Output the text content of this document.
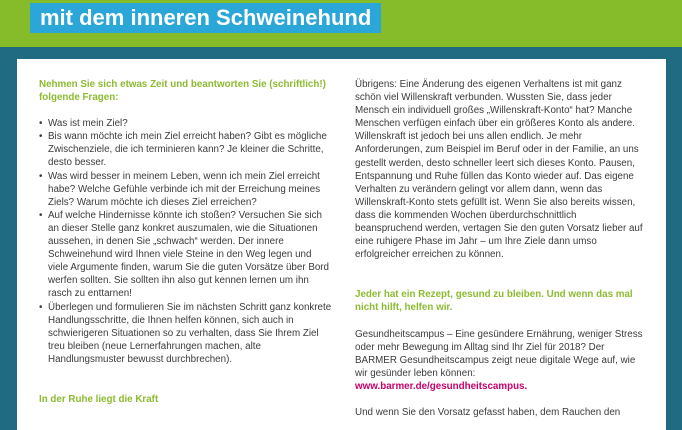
mit dem inneren Schweinehund

Nehmen Sie sich etwas Zeit und beantworten Sie (schriftlich!) folgende Fragen:

• Was ist mein Ziel?
• Bis wann möchte ich mein Ziel erreicht haben? Gibt es mögliche Zwischenziele, die ich terminieren kann? Je kleiner die Schritte, desto besser.
• Was wird besser in meinem Leben, wenn ich mein Ziel erreicht habe? Welche Gefühle verbinde ich mit der Erreichung meines Ziels? Warum möchte ich dieses Ziel erreichen?
• Auf welche Hindernisse könnte ich stoßen? Versuchen Sie sich an dieser Stelle ganz konkret auszumalen, wie die Situationen aussehen, in denen Sie „schwach“ werden. Der innere Schweinehund wird Ihnen viele Steine in den Weg legen und viele Argumente finden, warum Sie die guten Vorsätze über Bord werfen sollten. Sie sollten ihn also gut kennen lernen um ihn rasch zu enttarnen!
• Überlegen und formulieren Sie im nächsten Schritt ganz konkrete Handlungsschritte, die Ihnen helfen können, sich auch in schwierigeren Situationen so zu verhalten, dass Sie Ihrem Ziel treu bleiben (neue Lernerfahrungen machen, alte Handlungsmuster bewusst durchbrechen).

In der Ruhe liegt die Kraft

Übrigens: Eine Änderung des eigenen Verhaltens ist mit ganz schön viel Willenskraft verbunden. Wussten Sie, dass jeder Mensch ein individuell großes „Willenskraft-Konto“ hat? Manche Menschen verfügen einfach über ein größeres Konto als andere. Willenskraft ist jedoch bei uns allen endlich. Je mehr Anforderungen, zum Beispiel im Beruf oder in der Familie, an uns gestellt werden, desto schneller leert sich dieses Konto. Pausen, Entspannung und Ruhe füllen das Konto wieder auf. Das eigene Verhalten zu verändern gelingt vor allem dann, wenn das Willenskraft-Konto stets gefüllt ist. Wenn Sie also bereits wissen, dass die kommenden Wochen überdurchschnittlich beanspruchend werden, vertagen Sie den guten Vorsatz lieber auf eine ruhigere Phase im Jahr – um Ihre Ziele dann umso erfolgreicher erreichen zu können.

Jeder hat ein Rezept, gesund zu bleiben. Und wenn das mal nicht hilft, helfen wir.

Gesundheitscampus – Eine gesündere Ernährung, weniger Stress oder mehr Bewegung im Alltag sind Ihr Ziel für 2018? Der BARMER Gesundheitscampus zeigt neue digitale Wege auf, wie wir gesünder leben können: www.barmer.de/gesundheitscampus.

Und wenn Sie den Vorsatz gefasst haben, dem Rauchen den
